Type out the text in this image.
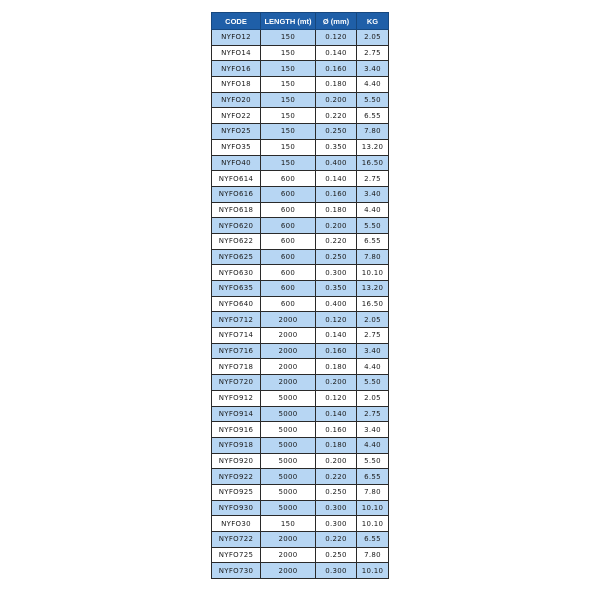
CODE	LENGTH (mt)	Ø (mm)	KG
NYFO12	150	0.120	2.05
NYFO14	150	0.140	2.75
NYFO16	150	0.160	3.40
NYFO18	150	0.180	4.40
NYFO20	150	0.200	5.50
NYFO22	150	0.220	6.55
NYFO25	150	0.250	7.80
NYFO35	150	0.350	13.20
NYFO40	150	0.400	16.50
NYFO614	600	0.140	2.75
NYFO616	600	0.160	3.40
NYFO618	600	0.180	4.40
NYFO620	600	0.200	5.50
NYFO622	600	0.220	6.55
NYFO625	600	0.250	7.80
NYFO630	600	0.300	10.10
NYFO635	600	0.350	13.20
NYFO640	600	0.400	16.50
NYFO712	2000	0.120	2.05
NYFO714	2000	0.140	2.75
NYFO716	2000	0.160	3.40
NYFO718	2000	0.180	4.40
NYFO720	2000	0.200	5.50
NYFO912	5000	0.120	2.05
NYFO914	5000	0.140	2.75
NYFO916	5000	0.160	3.40
NYFO918	5000	0.180	4.40
NYFO920	5000	0.200	5.50
NYFO922	5000	0.220	6.55
NYFO925	5000	0.250	7.80
NYFO930	5000	0.300	10.10
NYFO30	150	0.300	10.10
NYFO722	2000	0.220	6.55
NYFO725	2000	0.250	7.80
NYFO730	2000	0.300	10.10
